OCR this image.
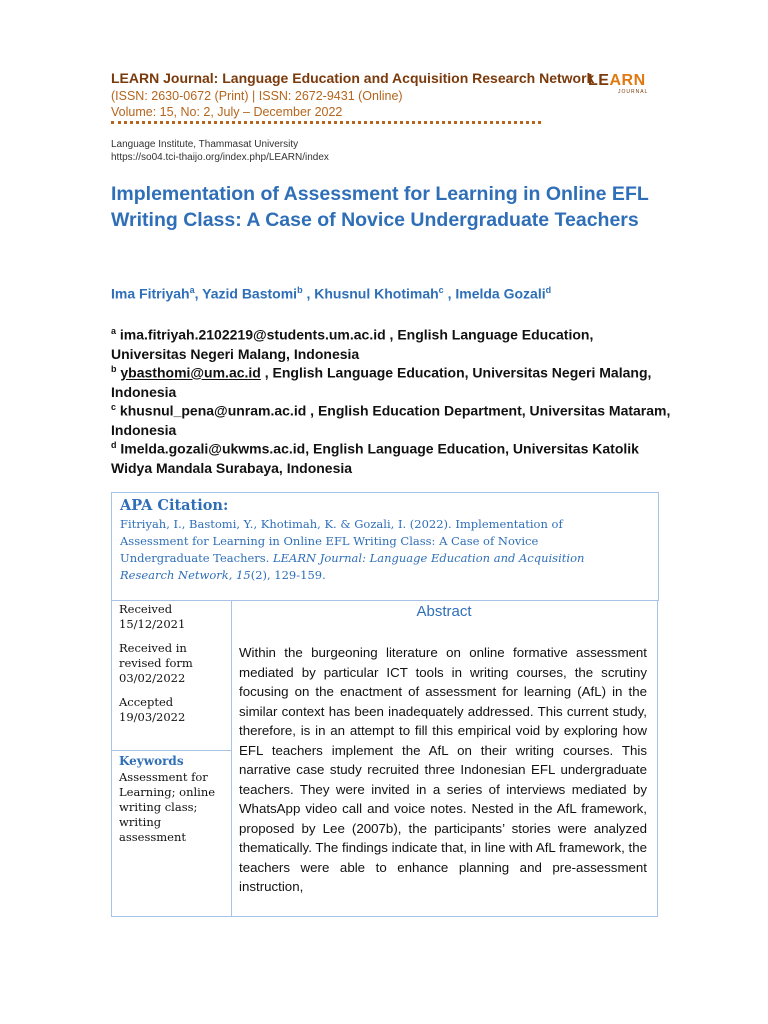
LEARN Journal: Language Education and Acquisition Research Network
LEARN
JOURNAL
(ISSN: 2630-0672 (Print) | ISSN: 2672-9431 (Online)
Volume: 15, No: 2, July – December 2022
Language Institute, Thammasat University
https://so04.tci-thaijo.org/index.php/LEARN/index
Implementation of Assessment for Learning in Online EFL Writing Class: A Case of Novice Undergraduate Teachers
Ima Fitriyah$^a$, Yazid Bastomi$^b$ , Khusnul Khotimah$^c$ , Imelda Gozali$^d$
$^a$ ima.fitriyah.2102219@students.um.ac.id , English Language Education, Universitas Negeri Malang, Indonesia
$^b$ ybasthomi@um.ac.id , English Language Education, Universitas Negeri Malang, Indonesia
$^c$ khusnul_pena@unram.ac.id , English Education Department, Universitas Mataram, Indonesia
$^d$ Imelda.gozali@ukwms.ac.id, English Language Education, Universitas Katolik Widya Mandala Surabaya, Indonesia
APA Citation:
Fitriyah, I., Bastomi, Y., Khotimah, K. & Gozali, I. (2022). Implementation of Assessment for Learning in Online EFL Writing Class: A Case of Novice Undergraduate Teachers. LEARN Journal: Language Education and Acquisition Research Network, 15(2), 129-159.
Received
15/12/2021
Received in
revised form
03/02/2022
Accepted
19/03/2022
Keywords
Assessment for Learning; online writing class; writing assessment
Abstract
Within the burgeoning literature on online formative assessment mediated by particular ICT tools in writing courses, the scrutiny focusing on the enactment of assessment for learning (AfL) in the similar context has been inadequately addressed. This current study, therefore, is in an attempt to fill this empirical void by exploring how EFL teachers implement the AfL on their writing courses. This narrative case study recruited three Indonesian EFL undergraduate teachers. They were invited in a series of interviews mediated by WhatsApp video call and voice notes. Nested in the AfL framework, proposed by Lee (2007b), the participants’ stories were analyzed thematically. The findings indicate that, in line with AfL framework, the teachers were able to enhance planning and pre-assessment instruction,
